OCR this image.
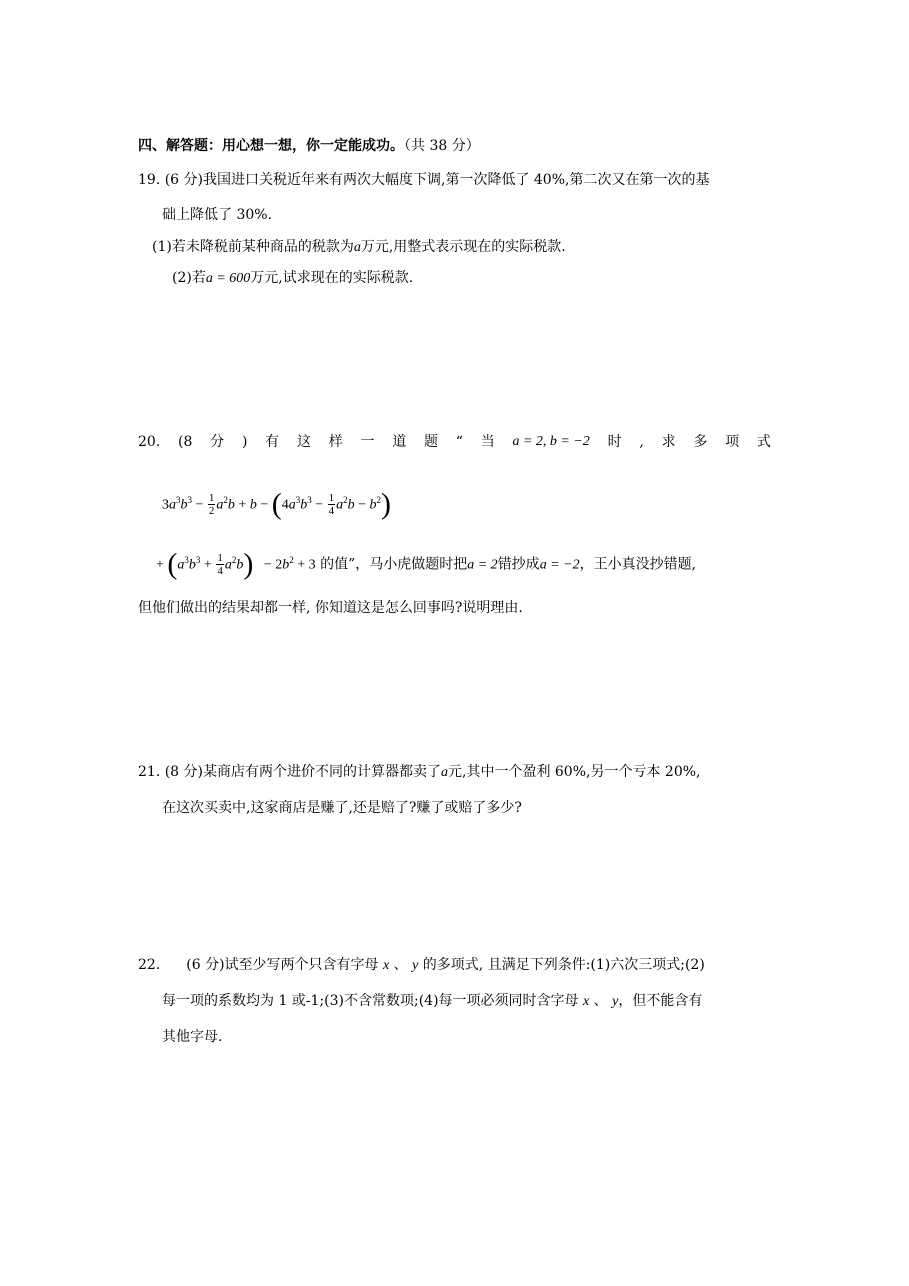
四、解答题：用心想一想，你一定能成功。（共 38 分）
19. (6 分)我国进口关税近年来有两次大幅度下调,第一次降低了 40%,第二次又在第一次的基
础上降低了 30%.
(1)若未降税前某种商品的税款为a万元,用整式表示现在的实际税款.
(2)若a = 600万元,试求现在的实际税款.
20. (8 分 ) 有 这 样 一 道 题 “ 当 a = 2, b = −2 时 , 求 多 项 式
$3a^3b^3 - \frac{1}{2} a^2b + b - (4a^3b^3 - \frac{1}{4} a^2b - b^2)$
+ $(a^3b^3 + \frac{1}{4} a^2b) - 2b^2 + 3$ 的值”，马小虎做题时把a = 2错抄成a = −2，王小真没抄错题,
但他们做出的结果却都一样, 你知道这是怎么回事吗?说明理由.
21. (8 分)某商店有两个进价不同的计算器都卖了a元,其中一个盈利 60%,另一个亏本 20%,
在这次买卖中,这家商店是赚了,还是赔了?赚了或赔了多少?
22. (6 分)试至少写两个只含有字母 x 、 y 的多项式, 且满足下列条件:(1)六次三项式;(2)
每一项的系数均为 1 或-1;(3)不含常数项;(4)每一项必须同时含字母 x 、 y，但不能含有
其他字母.
